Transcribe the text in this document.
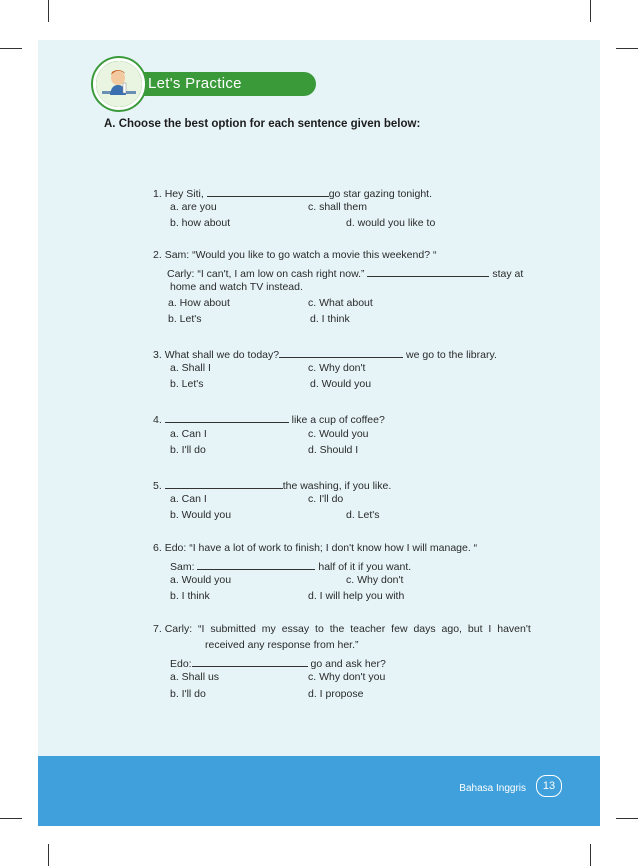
Bahasa Inggris	13
Let's Practice
A. Choose the best option for each sentence given below:
1. Hey Siti,	go star gazing tonight.
a. are you	c. shall them
b. how about	d. would you like to
2. Sam: “Would you like to go watch a movie this weekend? “
Carly: “I can't, I am low on cash right now.”	stay at
home and watch TV instead.
a. How about	c. What about
b. Let's	d. I think
3. What shall we do today?	we go to the library.
a. Shall I	c. Why don't
b. Let's	d. Would you
4.	like a cup of coffee?
a. Can I	c. Would you
b. I'll do	d. Should I
5.	the washing, if you like.
a. Can I	c. I'll do
b. Would you	d. Let's
6. Edo: “I have a lot of work to finish; I don't know how I will manage. “
Sam:	half of it if you want.
a. Would you	c. Why don't
b. I think	d. I will help you with
7. Carly: “I submitted my essay to the teacher few days ago, but I haven't
received any response from her.”
Edo:	go and ask her?
a. Shall us	c. Why don't you
b. I'll do	d. I propose
